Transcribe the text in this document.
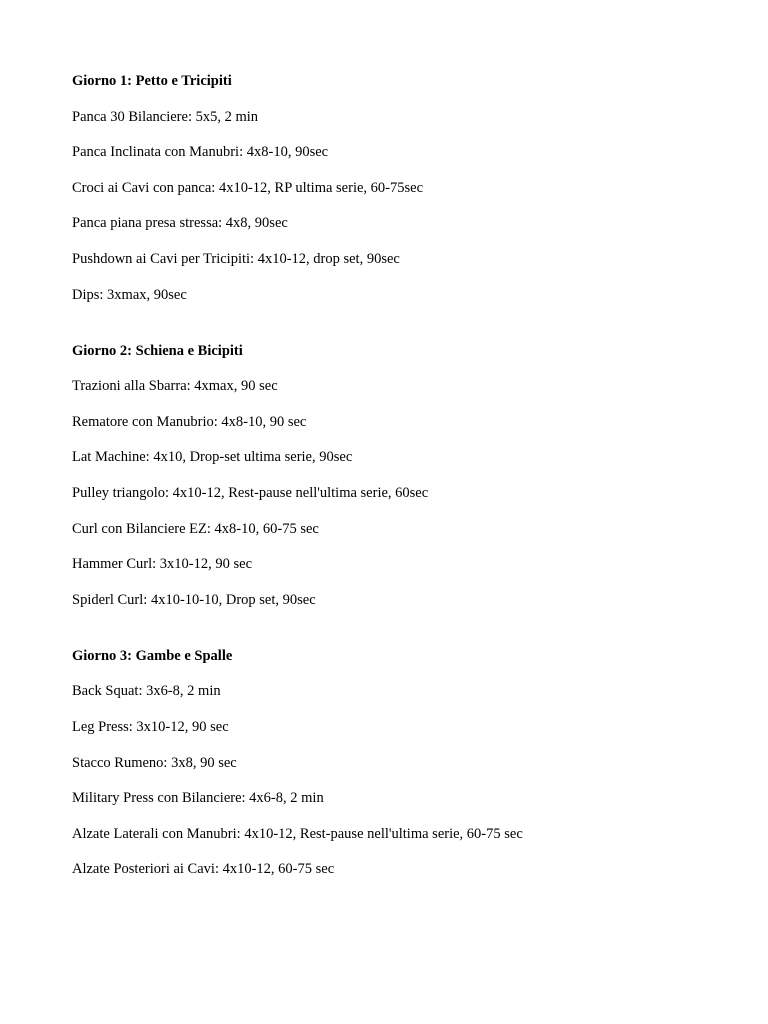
Giorno 1: Petto e Tricipiti

Panca 30 Bilanciere: 5x5, 2 min

Panca Inclinata con Manubri: 4x8-10, 90sec

Croci ai Cavi con panca: 4x10-12, RP ultima serie, 60-75sec

Panca piana presa stressa: 4x8, 90sec

Pushdown ai Cavi per Tricipiti: 4x10-12, drop set, 90sec

Dips: 3xmax, 90sec

Giorno 2: Schiena e Bicipiti

Trazioni alla Sbarra: 4xmax, 90 sec

Rematore con Manubrio: 4x8-10, 90 sec

Lat Machine: 4x10, Drop-set ultima serie, 90sec

Pulley triangolo: 4x10-12, Rest-pause nell'ultima serie, 60sec

Curl con Bilanciere EZ: 4x8-10, 60-75 sec

Hammer Curl: 3x10-12, 90 sec

Spiderl Curl: 4x10-10-10, Drop set, 90sec

Giorno 3: Gambe e Spalle

Back Squat: 3x6-8, 2 min

Leg Press: 3x10-12, 90 sec

Stacco Rumeno: 3x8, 90 sec

Military Press con Bilanciere: 4x6-8, 2 min

Alzate Laterali con Manubri: 4x10-12, Rest-pause nell'ultima serie, 60-75 sec

Alzate Posteriori ai Cavi: 4x10-12, 60-75 sec
